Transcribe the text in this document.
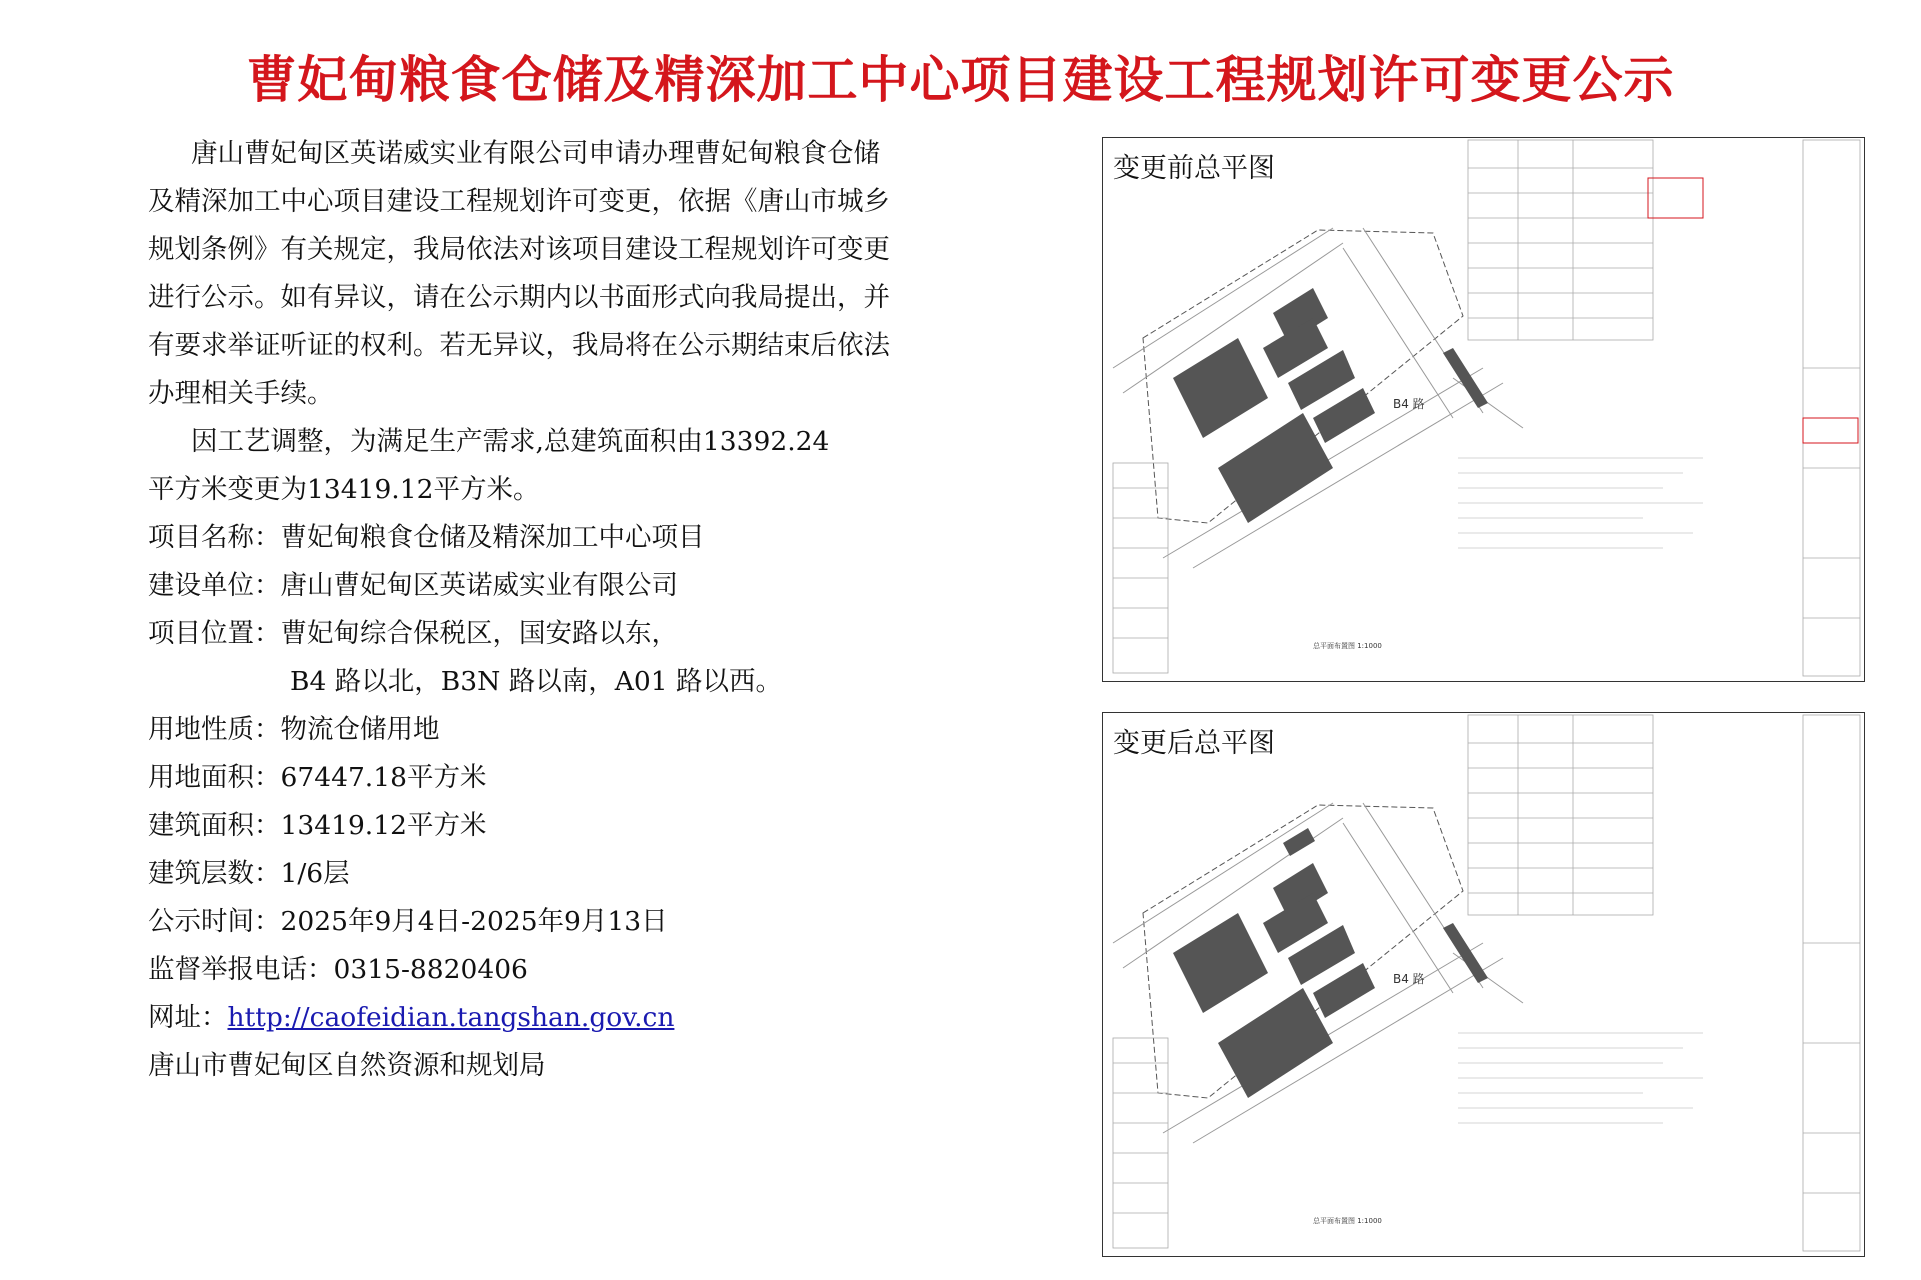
曹妃甸粮食仓储及精深加工中心项目建设工程规划许可变更公示

唐山曹妃甸区英诺威实业有限公司申请办理曹妃甸粮食仓储

及精深加工中心项目建设工程规划许可变更，依据《唐山市城乡

规划条例》有关规定，我局依法对该项目建设工程规划许可变更

进行公示。如有异议，请在公示期内以书面形式向我局提出，并

有要求举证听证的权利。若无异议，我局将在公示期结束后依法

办理相关手续。

因工艺调整，为满足生产需求,总建筑面积由13392.24

平方米变更为13419.12平方米。

项目名称：曹妃甸粮食仓储及精深加工中心项目

建设单位：唐山曹妃甸区英诺威实业有限公司

项目位置：曹妃甸综合保税区，国安路以东，

B4 路以北，B3N 路以南，A01 路以西。

用地性质：物流仓储用地

用地面积：67447.18平方米

建筑面积：13419.12平方米

建筑层数：1/6层

公示时间：2025年9月4日-2025年9月13日

监督举报电话：0315-8820406

网址：http://caofeidian.tangshan.gov.cn

唐山市曹妃甸区自然资源和规划局

B4 路
总平面布置图 1:1000
变更前总平图
B4 路
总平面布置图 1:1000
变更后总平图
